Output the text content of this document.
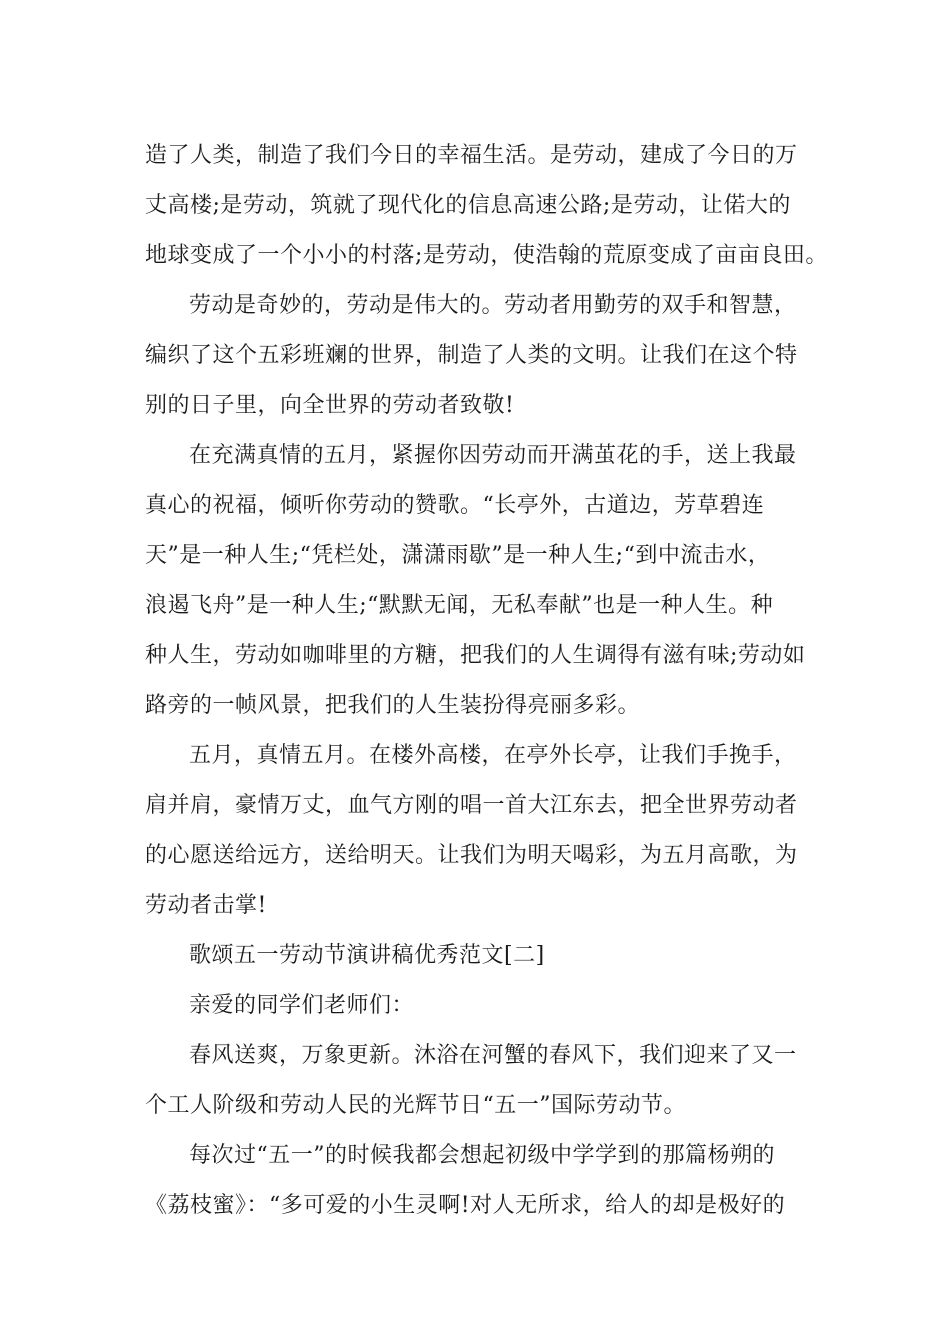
造了人类，制造了我们今日的幸福生活。是劳动，建成了今日的万
丈高楼;是劳动，筑就了现代化的信息高速公路;是劳动，让偌大的
地球变成了一个小小的村落;是劳动，使浩翰的荒原变成了亩亩良田。
劳动是奇妙的，劳动是伟大的。劳动者用勤劳的双手和智慧，
编织了这个五彩班斓的世界，制造了人类的文明。让我们在这个特
别的日子里，向全世界的劳动者致敬!
在充满真情的五月，紧握你因劳动而开满茧花的手，送上我最
真心的祝福，倾听你劳动的赞歌。“长亭外，古道边，芳草碧连
天”是一种人生;“凭栏处，潇潇雨歇”是一种人生;“到中流击水，
浪遏飞舟”是一种人生;“默默无闻，无私奉献”也是一种人生。种
种人生，劳动如咖啡里的方糖，把我们的人生调得有滋有味;劳动如
路旁的一帧风景，把我们的人生装扮得亮丽多彩。
五月，真情五月。在楼外高楼，在亭外长亭，让我们手挽手，
肩并肩，豪情万丈，血气方刚的唱一首大江东去，把全世界劳动者
的心愿送给远方，送给明天。让我们为明天喝彩，为五月高歌，为
劳动者击掌!
歌颂五一劳动节演讲稿优秀范文[二]
亲爱的同学们老师们：
春风送爽，万象更新。沐浴在河蟹的春风下，我们迎来了又一
个工人阶级和劳动人民的光辉节日“五一”国际劳动节。
每次过“五一”的时候我都会想起初级中学学到的那篇杨朔的
《荔枝蜜》：“多可爱的小生灵啊!对人无所求，给人的却是极好的
